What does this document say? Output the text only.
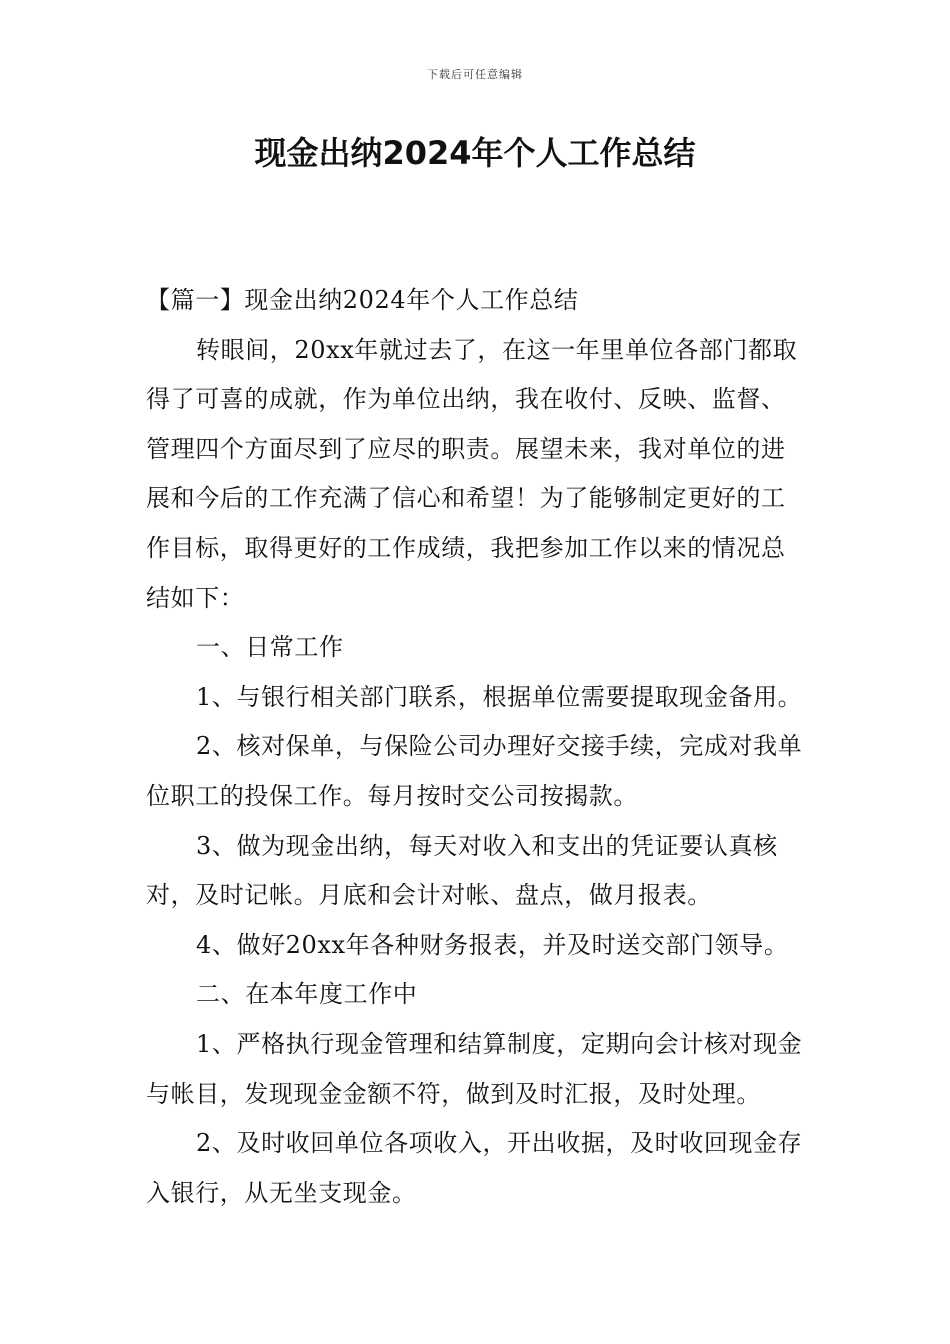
下载后可任意编辑
现金出纳2024年个人工作总结

【篇一】现金出纳2024年个人工作总结

转眼间，20xx年就过去了，在这一年里单位各部门都取得了可喜的成就，作为单位出纳，我在收付、反映、监督、管理四个方面尽到了应尽的职责。展望未来，我对单位的进展和今后的工作充满了信心和希望！为了能够制定更好的工作目标，取得更好的工作成绩，我把参加工作以来的情况总结如下：

一、日常工作

1、与银行相关部门联系，根据单位需要提取现金备用。

2、核对保单，与保险公司办理好交接手续，完成对我单位职工的投保工作。每月按时交公司按揭款。

3、做为现金出纳，每天对收入和支出的凭证要认真核对，及时记帐。月底和会计对帐、盘点，做月报表。

4、做好20xx年各种财务报表，并及时送交部门领导。

二、在本年度工作中

1、严格执行现金管理和结算制度，定期向会计核对现金与帐目，发现现金金额不符，做到及时汇报，及时处理。

2、及时收回单位各项收入，开出收据，及时收回现金存入银行，从无坐支现金。
